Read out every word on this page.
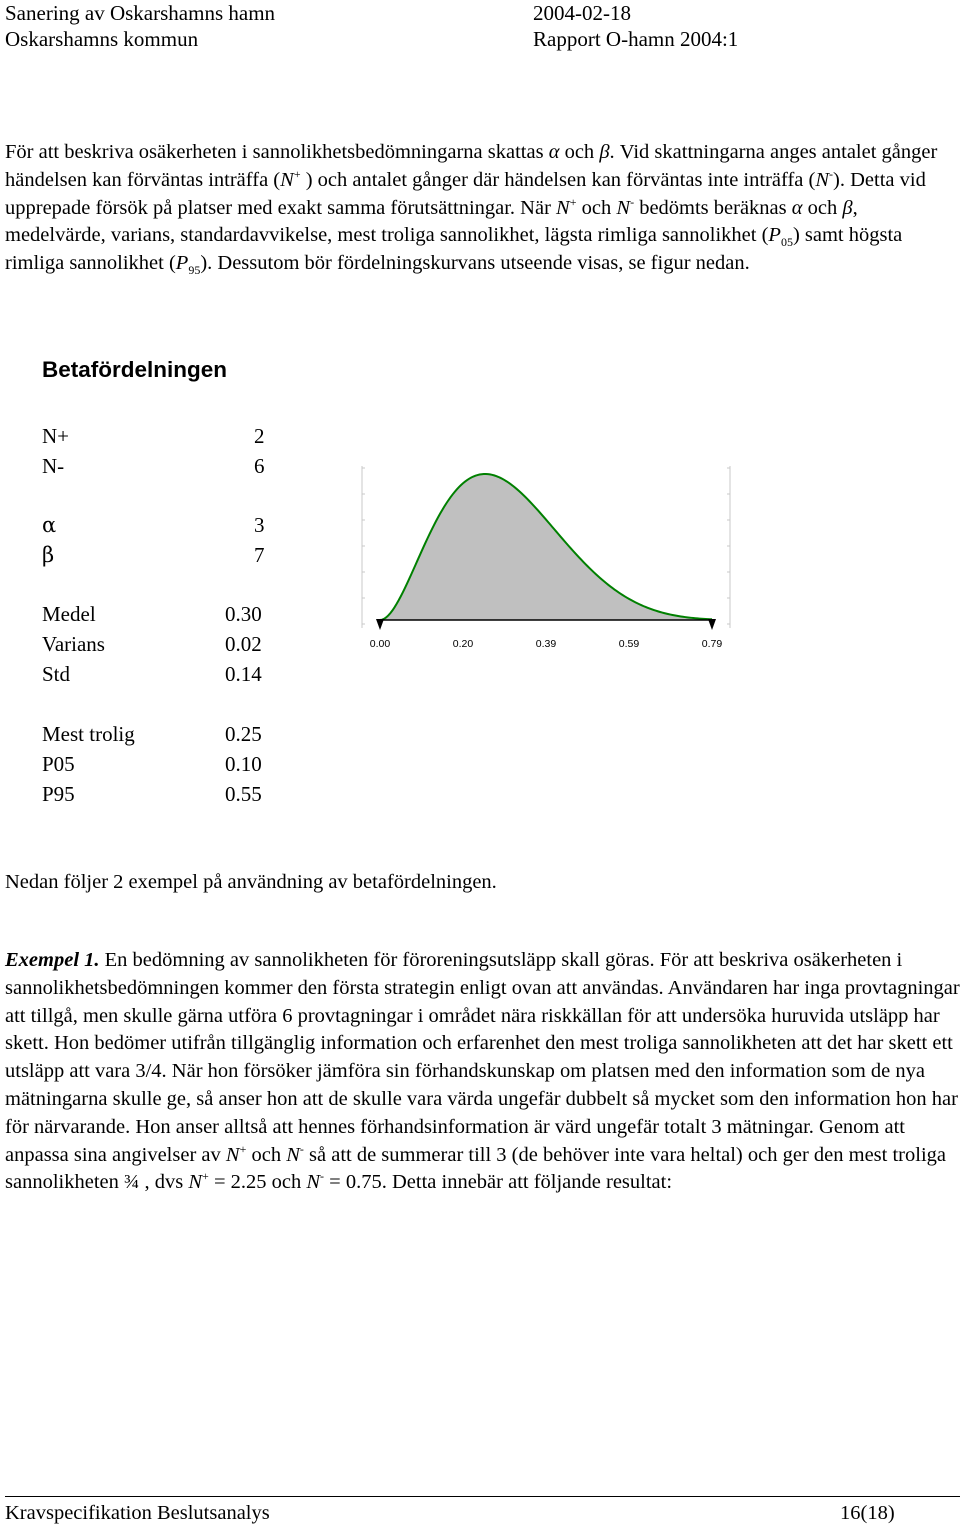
Sanering av Oskarshamns hamn	2004-02-18
Oskarshamns kommun	Rapport O-hamn 2004:1

För att beskriva osäkerheten i sannolikhetsbedömningarna skattas α och β. Vid skattningarna anges antalet gånger händelsen kan förväntas inträffa (N+ ) och antalet gånger där händelsen kan förväntas inte inträffa (N-). Detta vid upprepade försök på platser med exakt samma förutsättningar. När N+ och N- bedömts beräknas α och β, medelvärde, varians, standardavvikelse, mest troliga sannolikhet, lägsta rimliga sannolikhet $(P_{05})$ samt högsta rimliga sannolikhet $(P_{95})$. Dessutom bör fördelningskurvans utseende visas, se figur nedan.

Betafördelningen
N+	2
N-	6
α	3
β	7
Medel	0.30
Varians	0.02
Std	0.14
Mest trolig	0.25
P05	0.10
P95	0.55
0.00	0.20	0.39	0.59	0.79

Nedan följer 2 exempel på användning av betafördelningen.

Exempel 1. En bedömning av sannolikheten för föroreningsutsläpp skall göras. För att beskriva osäkerheten i sannolikhetsbedömningen kommer den första strategin enligt ovan att användas. Användaren har inga provtagningar att tillgå, men skulle gärna utföra 6 provtagningar i området nära riskkällan för att undersöka huruvida utsläpp har skett. Hon bedömer utifrån tillgänglig information och erfarenhet den mest troliga sannolikheten att det har skett ett utsläpp att vara 3/4. När hon försöker jämföra sin förhandskunskap om platsen med den information som de nya mätningarna skulle ge, så anser hon att de skulle vara värda ungefär dubbelt så mycket som den information hon har för närvarande. Hon anser alltså att hennes förhandsinformation är värd ungefär totalt 3 mätningar. Genom att anpassa sina angivelser av N+ och N- så att de summerar till 3 (de behöver inte vara heltal) och ger den mest troliga sannolikheten ¾ , dvs N+ = 2.25 och N- = 0.75. Detta innebär att följande resultat:

Kravspecifikation Beslutsanalys	16(18)
